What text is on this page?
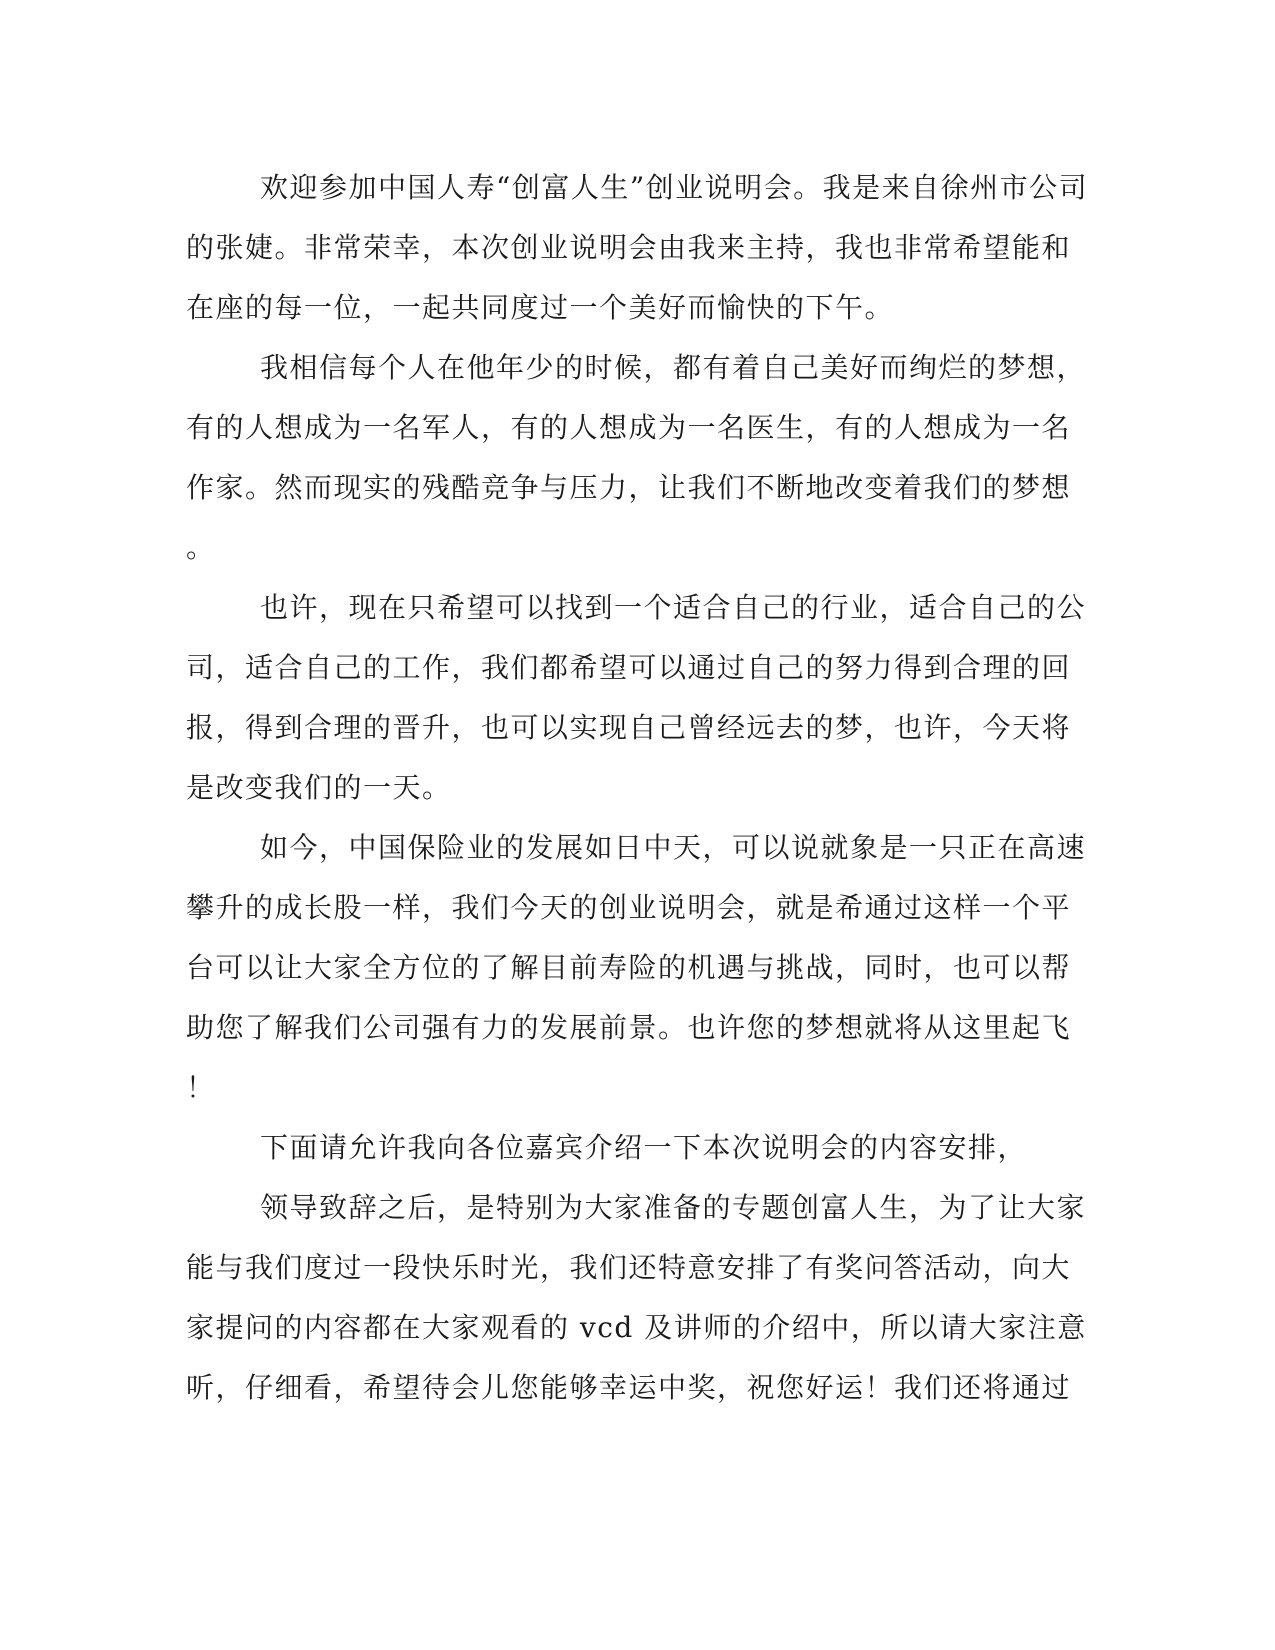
欢迎参加中国人寿“创富人生”创业说明会。我是来自徐州市公司
的张婕。非常荣幸，本次创业说明会由我来主持，我也非常希望能和
在座的每一位，一起共同度过一个美好而愉快的下午。
我相信每个人在他年少的时候，都有着自己美好而绚烂的梦想，
有的人想成为一名军人，有的人想成为一名医生，有的人想成为一名
作家。然而现实的残酷竞争与压力，让我们不断地改变着我们的梦想
。
也许，现在只希望可以找到一个适合自己的行业，适合自己的公
司，适合自己的工作，我们都希望可以通过自己的努力得到合理的回
报，得到合理的晋升，也可以实现自己曾经远去的梦，也许，今天将
是改变我们的一天。
如今，中国保险业的发展如日中天，可以说就象是一只正在高速
攀升的成长股一样，我们今天的创业说明会，就是希通过这样一个平
台可以让大家全方位的了解目前寿险的机遇与挑战，同时，也可以帮
助您了解我们公司强有力的发展前景。也许您的梦想就将从这里起飞
！
下面请允许我向各位嘉宾介绍一下本次说明会的内容安排，
领导致辞之后，是特别为大家准备的专题创富人生，为了让大家
能与我们度过一段快乐时光，我们还特意安排了有奖问答活动，向大
家提问的内容都在大家观看的 vcd 及讲师的介绍中，所以请大家注意
听，仔细看，希望待会儿您能够幸运中奖，祝您好运！我们还将通过
